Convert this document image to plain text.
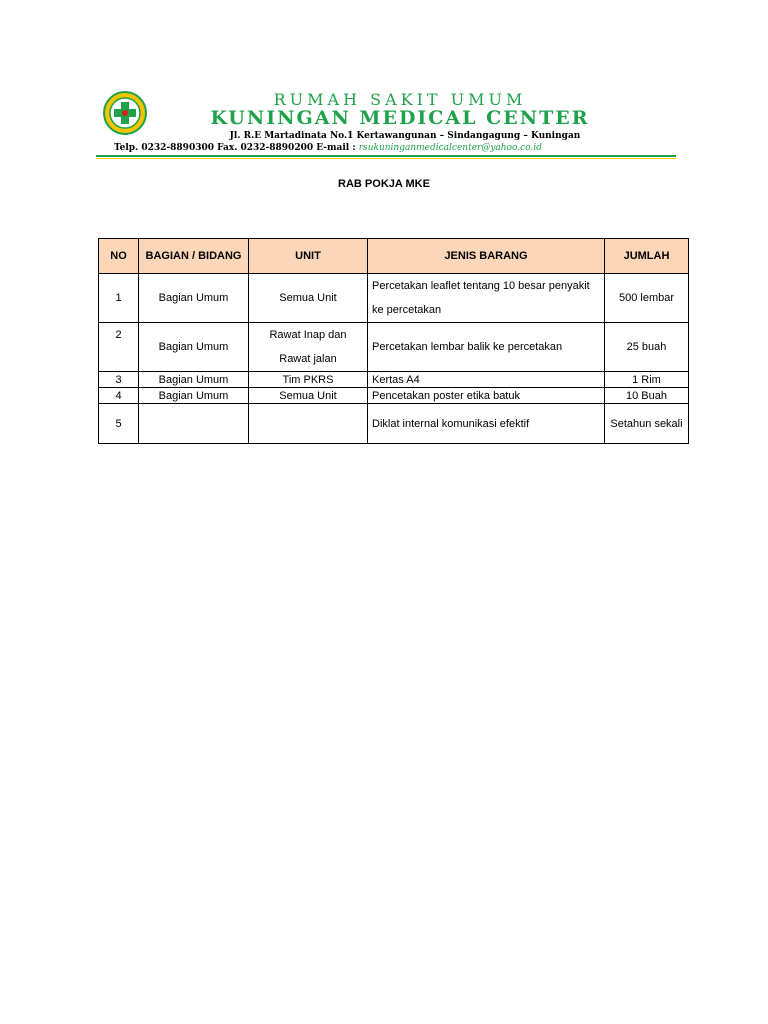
RUMAH SAKIT UMUM
KUNINGAN MEDICAL CENTER
Jl. R.E Martadinata No.1 Kertawangunan – Sindangagung – Kuningan
Telp. 0232-8890300 Fax. 0232-8890200 E-mail : rsukuninganmedicalcenter@yahoo.co.id
RAB POKJA MKE
NO	BAGIAN / BIDANG	UNIT	JENIS BARANG	JUMLAH
1	Bagian Umum	Semua Unit	Percetakan leaflet tentang 10 besar penyakit ke percetakan	500 lembar
2	Bagian Umum	Rawat Inap dan Rawat jalan	Percetakan lembar balik ke percetakan	25 buah
3	Bagian Umum	Tim PKRS	Kertas A4	1 Rim
4	Bagian Umum	Semua Unit	Pencetakan poster etika batuk	10 Buah
5			Diklat internal komunikasi efektif	Setahun sekali
